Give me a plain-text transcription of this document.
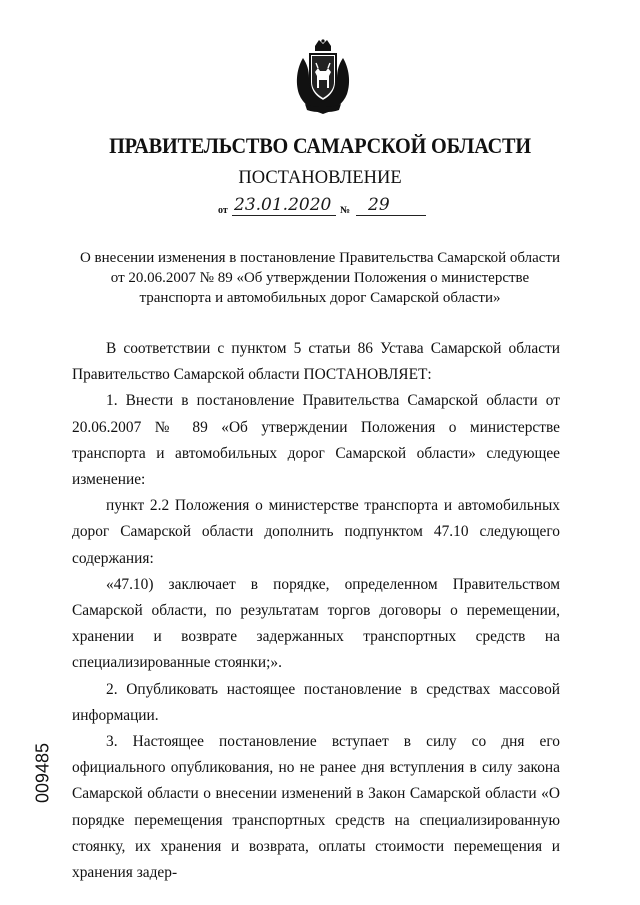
ПРАВИТЕЛЬСТВО САМАРСКОЙ ОБЛАСТИ
ПОСТАНОВЛЕНИЕ
от 23.01.2020 № 29
О внесении изменения в постановление Правительства Самарской области
от 20.06.2007 № 89 «Об утверждении Положения о министерстве
транспорта и автомобильных дорог Самарской области»

В соответствии с пунктом 5 статьи 86 Устава Самарской области Правительство Самарской области ПОСТАНОВЛЯЕТ:

1. Внести в постановление Правительства Самарской области от 20.06.2007 № 89 «Об утверждении Положения о министерстве транспорта и автомобильных дорог Самарской области» следующее изменение:

пункт 2.2 Положения о министерстве транспорта и автомобильных дорог Самарской области дополнить подпунктом 47.10 следующего содержания:

«47.10) заключает в порядке, определенном Правительством Самарской области, по результатам торгов договоры о перемещении, хранении и возврате задержанных транспортных средств на специализированные стоянки;».

2. Опубликовать настоящее постановление в средствах массовой информации.

3. Настоящее постановление вступает в силу со дня его официального опубликования, но не ранее дня вступления в силу закона Самарской области о внесении изменений в Закон Самарской области «О порядке перемещения транспортных средств на специализированную стоянку, их хранения и возврата, оплаты стоимости перемещения и хранения задер-

009485
